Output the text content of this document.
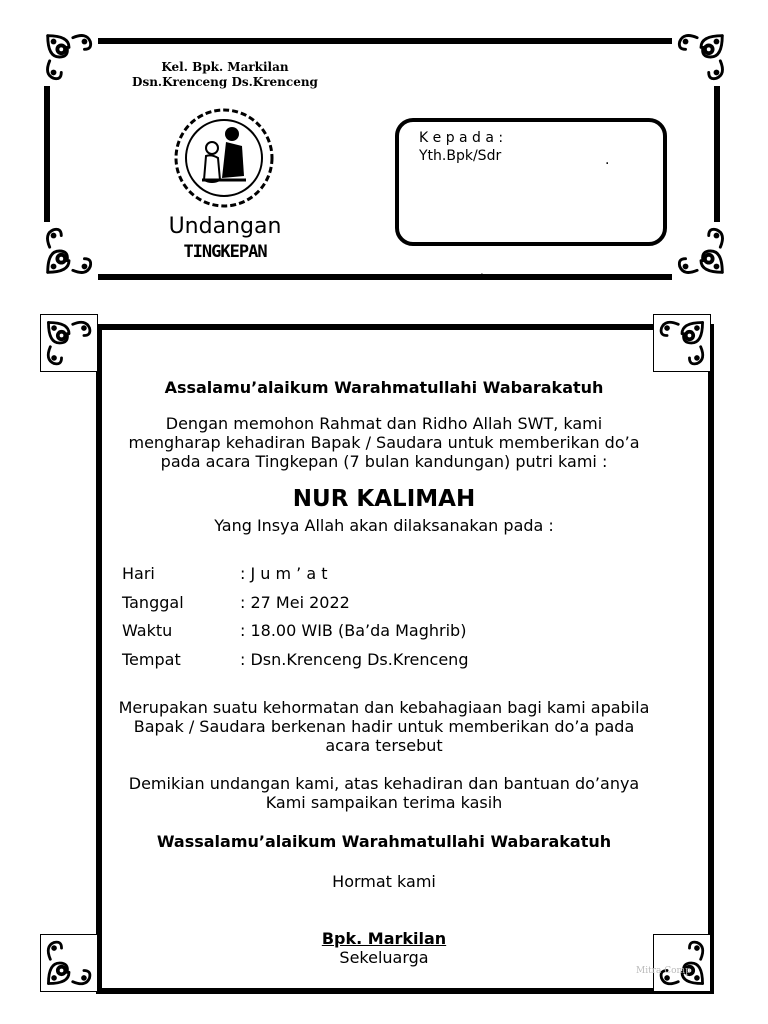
Kel. Bpk. Markilan
Dsn.Krenceng Ds.Krenceng
Undangan
TINGKEPAN
K e p a d a :
Yth.Bpk/Sdr	.
.
Assalamu’alaikum Warahmatullahi Wabarakatuh
Dengan memohon Rahmat dan Ridho Allah SWT, kami
mengharap kehadiran Bapak / Saudara untuk memberikan do’a
pada acara Tingkepan (7 bulan kandungan) putri kami :
NUR KALIMAH
Yang Insya Allah akan dilaksanakan pada :
Hari	: J u m ’ a t
Tanggal	: 27 Mei 2022
Waktu	: 18.00 WIB (Ba’da Maghrib)
Tempat	: Dsn.Krenceng Ds.Krenceng
Merupakan suatu kehormatan dan kebahagiaan bagi kami apabila
Bapak / Saudara berkenan hadir untuk memberikan do’a pada
acara tersebut
Demikian undangan kami, atas kehadiran dan bantuan do’anya
Kami sampaikan terima kasih
Wassalamu’alaikum Warahmatullahi Wabarakatuh
Hormat kami
Bpk. Markilan
Sekeluarga
Mitra Comp
